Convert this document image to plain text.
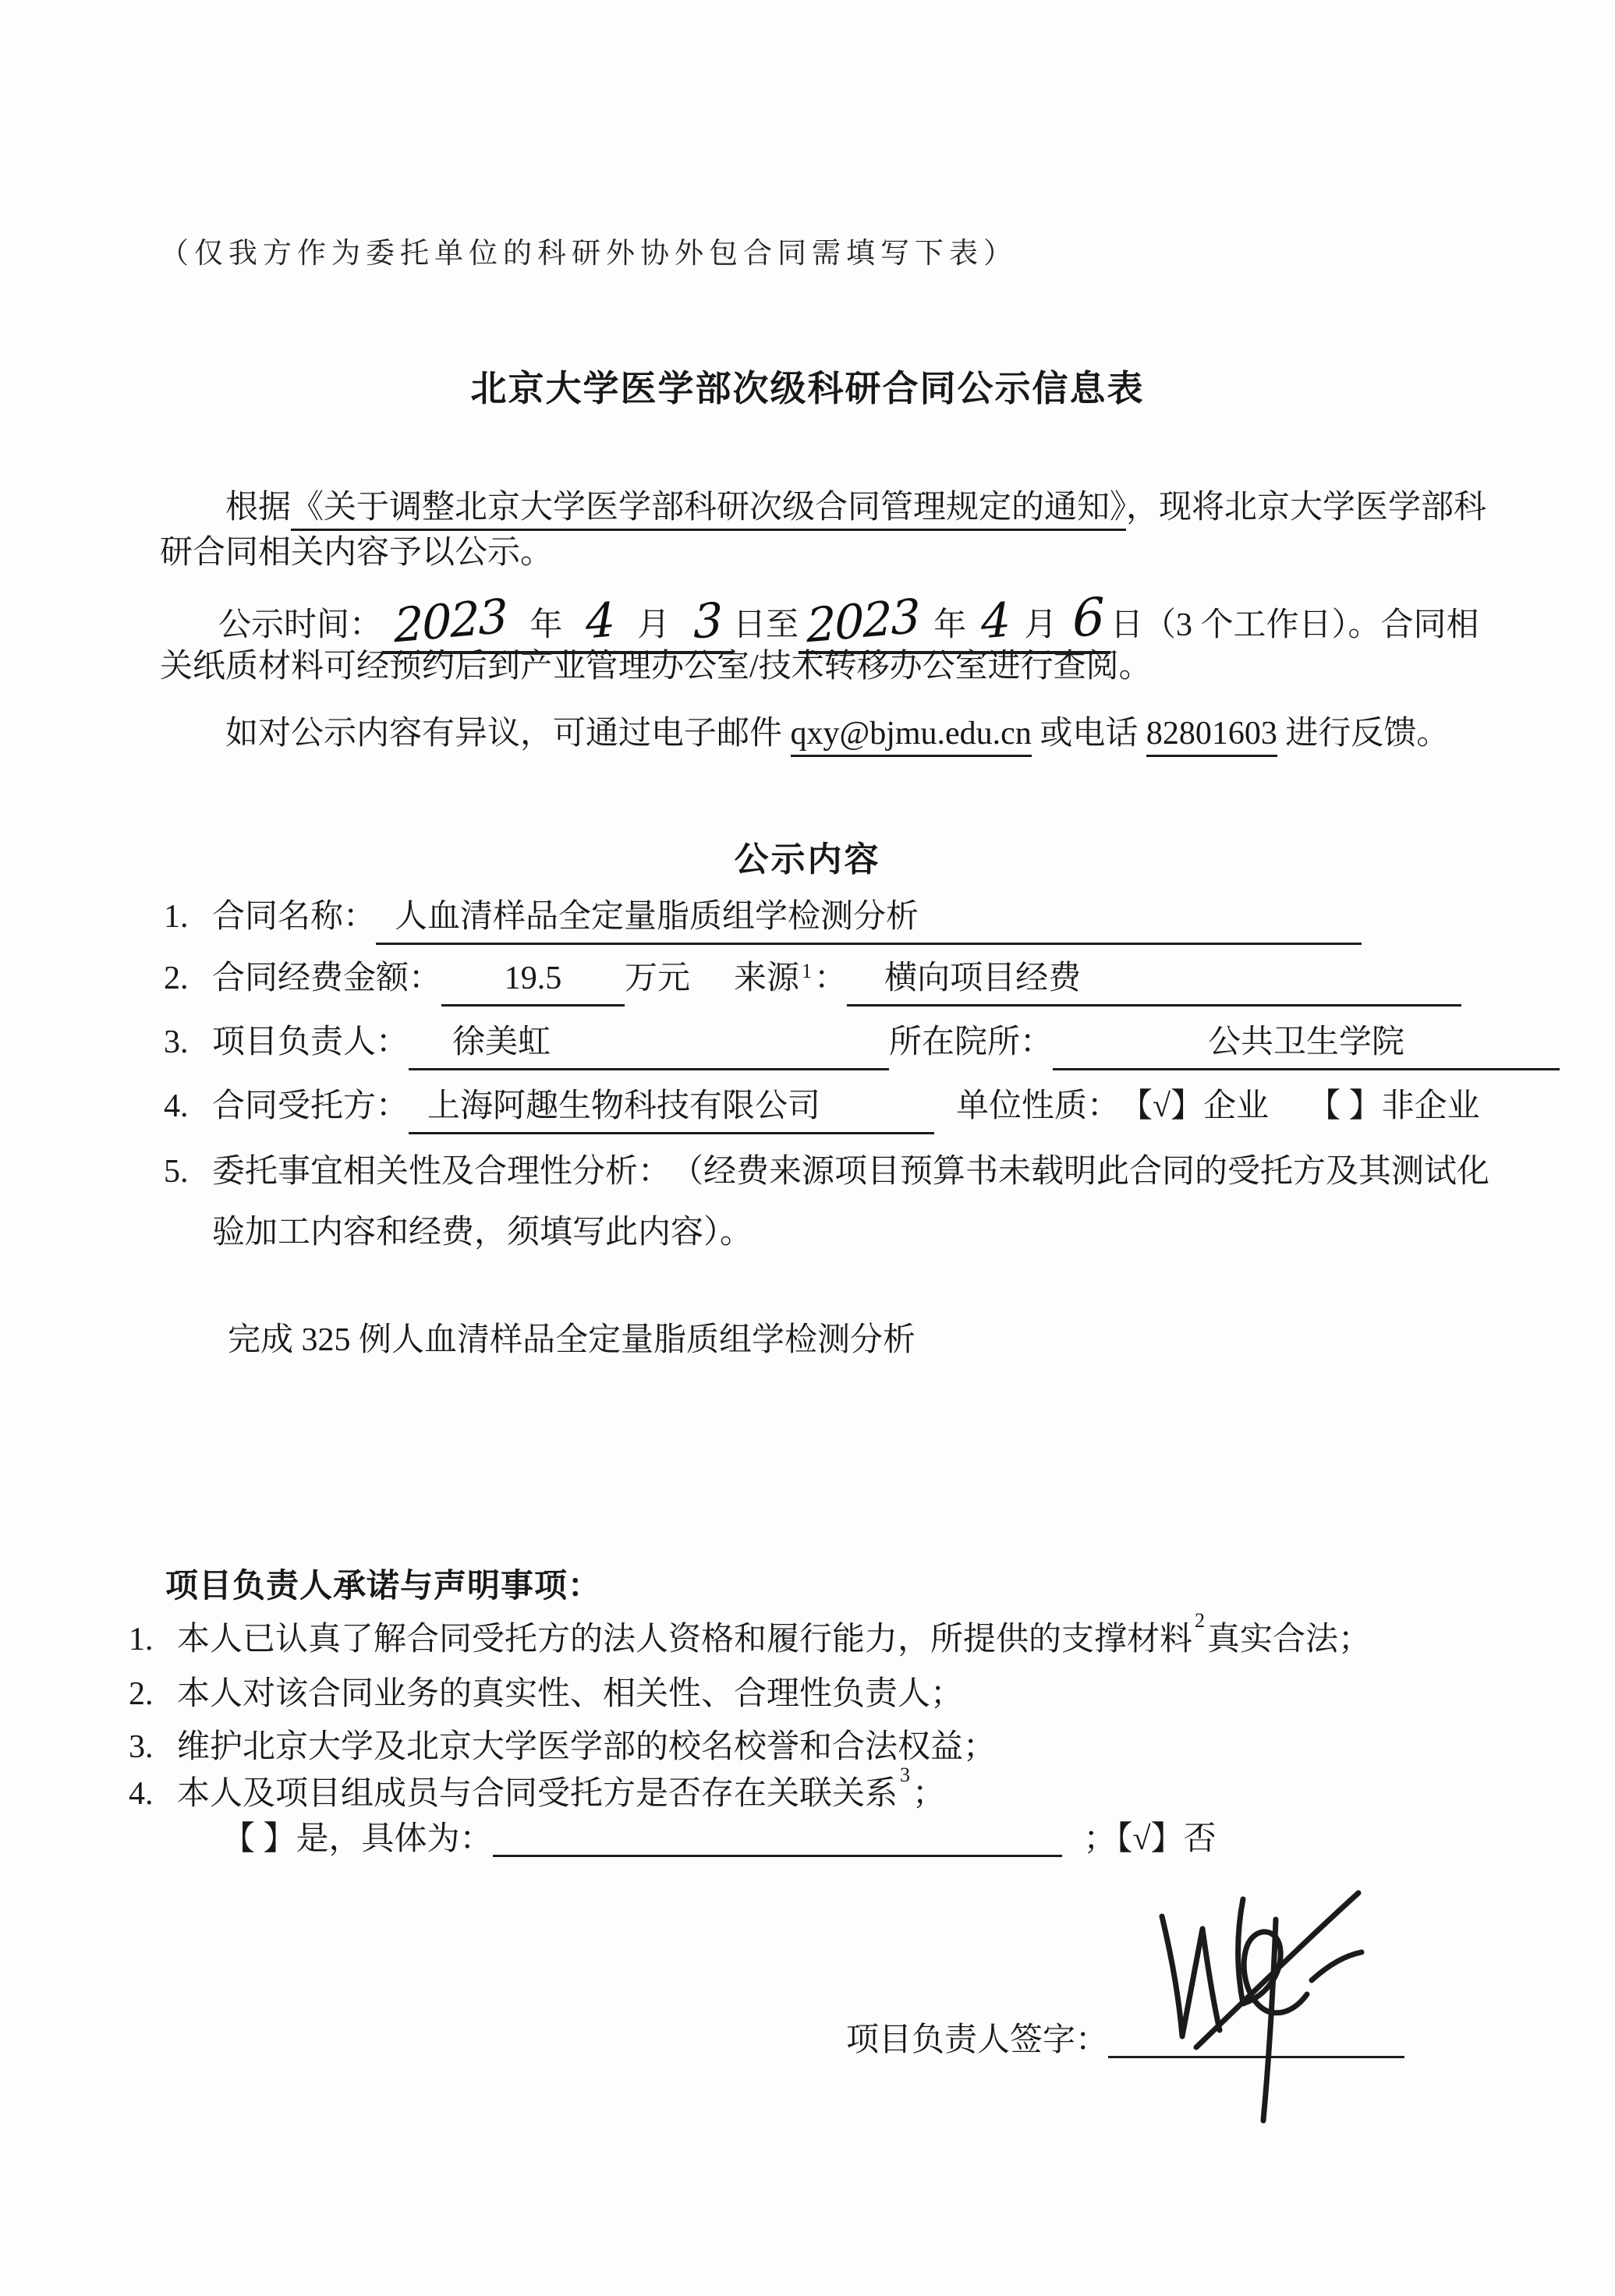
（仅我方作为委托单位的科研外协外包合同需填写下表）
北京大学医学部次级科研合同公示信息表
根据《关于调整北京大学医学部科研次级合同管理规定的通知》，现将北京大学医学部科
研合同相关内容予以公示。
公示时间： 2023 年 4 月 3 日至 2023 年 4 月 6 日（3 个工作日）。合同相
关纸质材料可经预约后到产业管理办公室/技术转移办公室进行查阅。
如对公示内容有异议，可通过电子邮件 qxy@bjmu.edu.cn 或电话 82801603 进行反馈。
公示内容
1. 合同名称： 人血清样品全定量脂质组学检测分析
2. 合同经费金额：	19.5	万元 来源$^1$ ：	横向项目经费
3. 项目负责人：	徐美虹	所在院所：	公共卫生学院
4. 合同受托方： 上海阿趣生物科技有限公司	单位性质： 【√】企业 【 】非企业
5. 委托事宜相关性及合理性分析： （经费来源项目预算书未载明此合同的受托方及其测试化
验加工内容和经费，须填写此内容）。
完成 325 例人血清样品全定量脂质组学检测分析
项目负责人承诺与声明事项：
1. 本人已认真了解合同受托方的法人资格和履行能力，所提供的支撑材料$^2$真实合法；
2. 本人对该合同业务的真实性、相关性、合理性负责人；
3. 维护北京大学及北京大学医学部的校名校誉和合法权益；
4. 本人及项目组成员与合同受托方是否存在关联关系$^3$；
【 】是，具体为：	；【√】否
项目负责人签字：
